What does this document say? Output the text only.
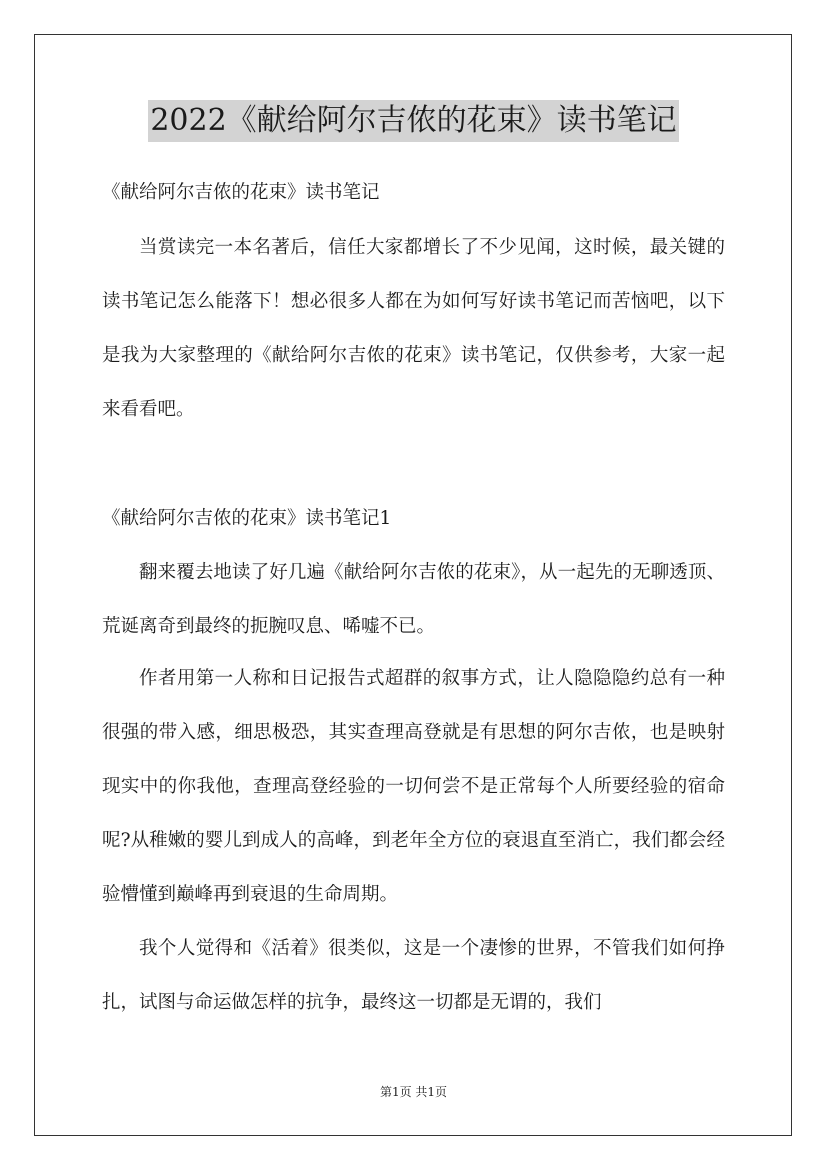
2022《献给阿尔吉侬的花束》读书笔记

《献给阿尔吉侬的花束》读书笔记

当赏读完一本名著后，信任大家都增长了不少见闻，这时候，最关键的读书笔记怎么能落下！想必很多人都在为如何写好读书笔记而苦恼吧，以下是我为大家整理的《献给阿尔吉侬的花束》读书笔记，仅供参考，大家一起来看看吧。

《献给阿尔吉侬的花束》读书笔记1

翻来覆去地读了好几遍《献给阿尔吉侬的花束》，从一起先的无聊透顶、荒诞离奇到最终的扼腕叹息、唏嘘不已。

作者用第一人称和日记报告式超群的叙事方式，让人隐隐隐约总有一种很强的带入感，细思极恐，其实查理高登就是有思想的阿尔吉侬，也是映射现实中的你我他，查理高登经验的一切何尝不是正常每个人所要经验的宿命呢?从稚嫩的婴儿到成人的高峰，到老年全方位的衰退直至消亡，我们都会经验懵懂到巅峰再到衰退的生命周期。

我个人觉得和《活着》很类似，这是一个凄惨的世界，不管我们如何挣扎，试图与命运做怎样的抗争，最终这一切都是无谓的，我们

第1页 共1页
